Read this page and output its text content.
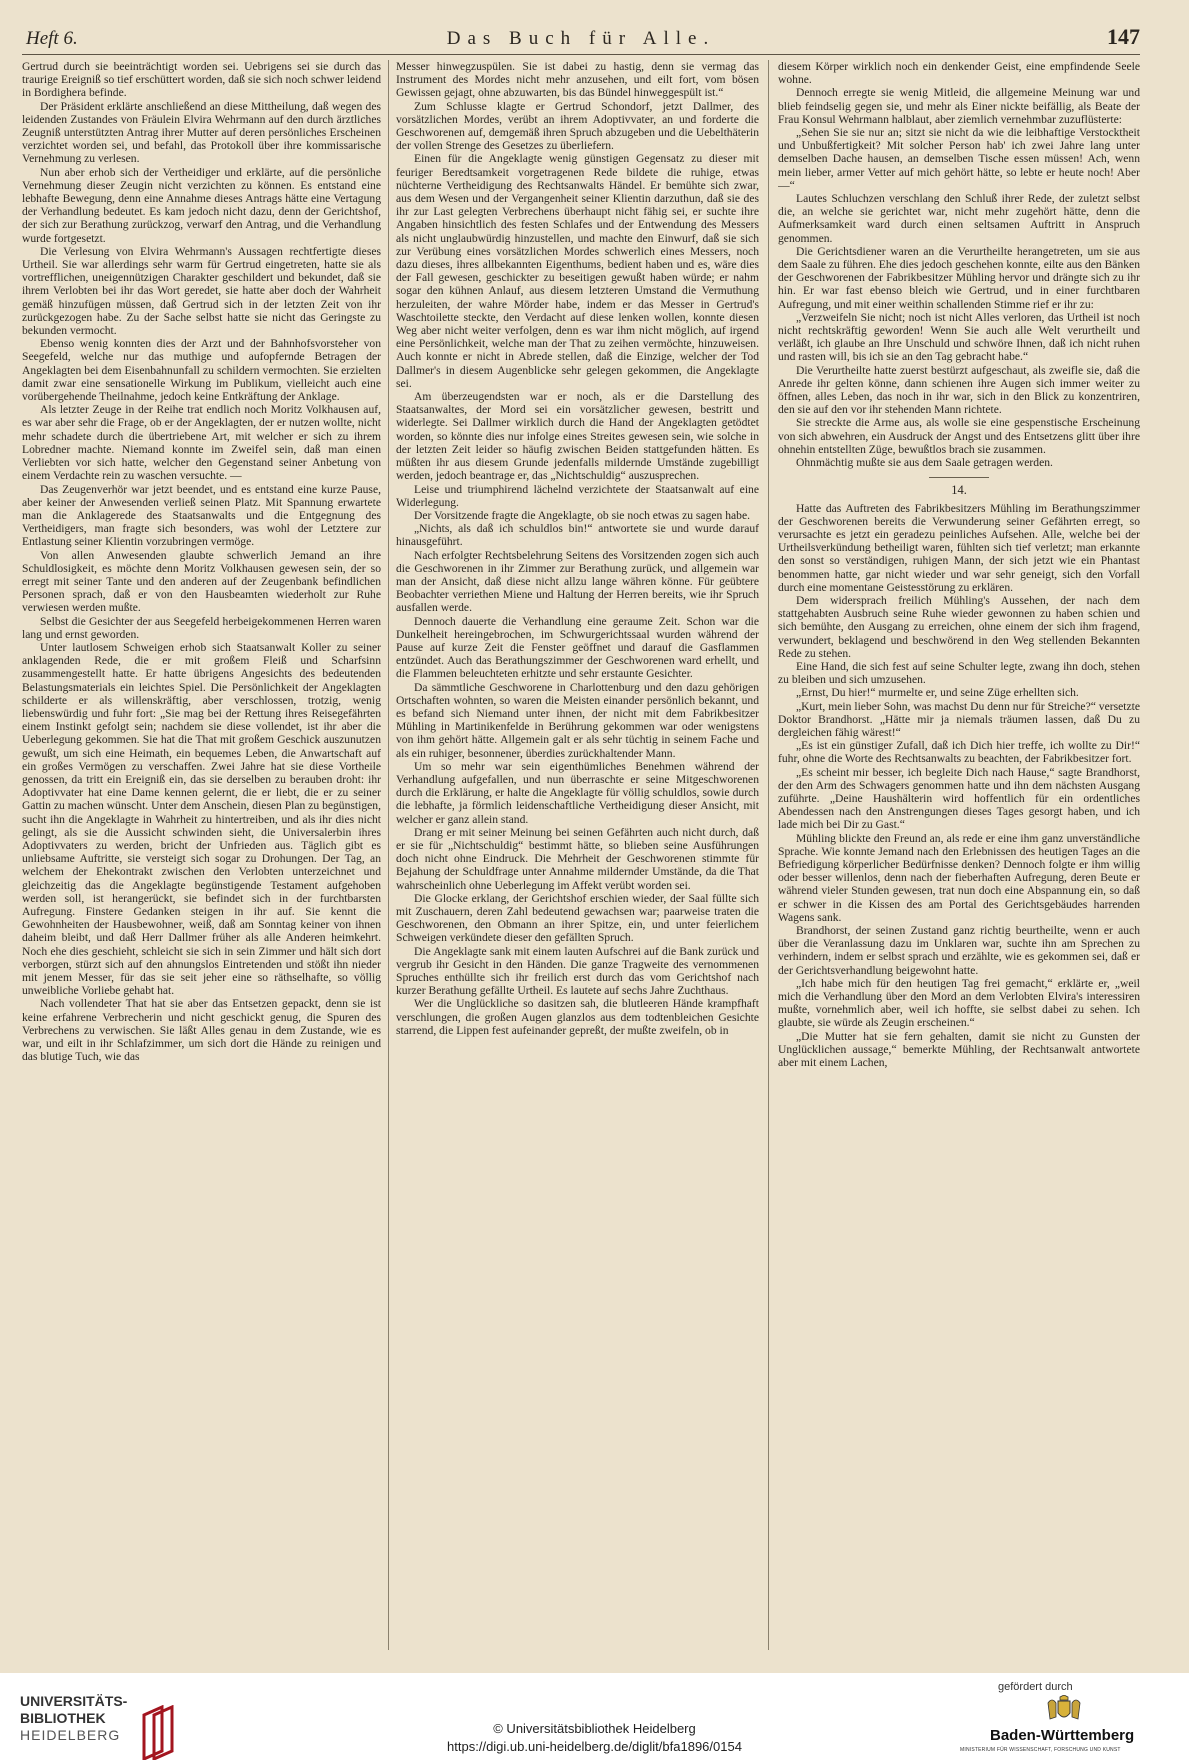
Heft 6.	Das Buch für Alle.	147

Gertrud durch sie beeinträchtigt worden sei. Uebrigens sei sie durch das traurige Ereigniß so tief erschüttert worden, daß sie sich noch schwer leidend in Bordighera befinde.

Der Präsident erklärte anschließend an diese Mittheilung, daß wegen des leidenden Zustandes von Fräulein Elvira Wehrmann auf den durch ärztliches Zeugniß unterstützten Antrag ihrer Mutter auf deren persönliches Erscheinen verzichtet worden sei, und befahl, das Protokoll über ihre kommissarische Vernehmung zu verlesen.

Nun aber erhob sich der Vertheidiger und erklärte, auf die persönliche Vernehmung dieser Zeugin nicht verzichten zu können. Es entstand eine lebhafte Bewegung, denn eine Annahme dieses Antrags hätte eine Vertagung der Verhandlung bedeutet. Es kam jedoch nicht dazu, denn der Gerichtshof, der sich zur Berathung zurückzog, verwarf den Antrag, und die Verhandlung wurde fortgesetzt.

Die Verlesung von Elvira Wehrmann's Aussagen rechtfertigte dieses Urtheil. Sie war allerdings sehr warm für Gertrud eingetreten, hatte sie als vortrefflichen, uneigennützigen Charakter geschildert und bekundet, daß sie ihrem Verlobten bei ihr das Wort geredet, sie hatte aber doch der Wahrheit gemäß hinzufügen müssen, daß Gertrud sich in der letzten Zeit von ihr zurückgezogen habe. Zu der Sache selbst hatte sie nicht das Geringste zu bekunden vermocht.

Ebenso wenig konnten dies der Arzt und der Bahnhofsvorsteher von Seegefeld, welche nur das muthige und aufopfernde Betragen der Angeklagten bei dem Eisenbahnunfall zu schildern vermochten. Sie erzielten damit zwar eine sensationelle Wirkung im Publikum, vielleicht auch eine vorübergehende Theilnahme, jedoch keine Entkräftung der Anklage.

Als letzter Zeuge in der Reihe trat endlich noch Moritz Volkhausen auf, es war aber sehr die Frage, ob er der Angeklagten, der er nutzen wollte, nicht mehr schadete durch die übertriebene Art, mit welcher er sich zu ihrem Lobredner machte. Niemand konnte im Zweifel sein, daß man einen Verliebten vor sich hatte, welcher den Gegenstand seiner Anbetung von einem Verdachte rein zu waschen versuchte. —

Das Zeugenverhör war jetzt beendet, und es entstand eine kurze Pause, aber keiner der Anwesenden verließ seinen Platz. Mit Spannung erwartete man die Anklagerede des Staatsanwalts und die Entgegnung des Vertheidigers, man fragte sich besonders, was wohl der Letztere zur Entlastung seiner Klientin vorzubringen vermöge.

Von allen Anwesenden glaubte schwerlich Jemand an ihre Schuldlosigkeit, es möchte denn Moritz Volkhausen gewesen sein, der so erregt mit seiner Tante und den anderen auf der Zeugenbank befindlichen Personen sprach, daß er von den Hausbeamten wiederholt zur Ruhe verwiesen werden mußte.

Selbst die Gesichter der aus Seegefeld herbeigekommenen Herren waren lang und ernst geworden.

Unter lautlosem Schweigen erhob sich Staatsanwalt Koller zu seiner anklagenden Rede, die er mit großem Fleiß und Scharfsinn zusammengestellt hatte. Er hatte übrigens Angesichts des bedeutenden Belastungsmaterials ein leichtes Spiel. Die Persönlichkeit der Angeklagten schilderte er als willenskräftig, aber verschlossen, trotzig, wenig liebenswürdig und fuhr fort: „Sie mag bei der Rettung ihres Reisegefährten einem Instinkt gefolgt sein; nachdem sie diese vollendet, ist ihr aber die Ueberlegung gekommen. Sie hat die That mit großem Geschick auszunutzen gewußt, um sich eine Heimath, ein bequemes Leben, die Anwartschaft auf ein großes Vermögen zu verschaffen. Zwei Jahre hat sie diese Vortheile genossen, da tritt ein Ereigniß ein, das sie derselben zu berauben droht: ihr Adoptivvater hat eine Dame kennen gelernt, die er liebt, die er zu seiner Gattin zu machen wünscht. Unter dem Anschein, diesen Plan zu begünstigen, sucht ihn die Angeklagte in Wahrheit zu hintertreiben, und als ihr dies nicht gelingt, als sie die Aussicht schwinden sieht, die Universalerbin ihres Adoptivvaters zu werden, bricht der Unfrieden aus. Täglich gibt es unliebsame Auftritte, sie versteigt sich sogar zu Drohungen. Der Tag, an welchem der Ehekontrakt zwischen den Verlobten unterzeichnet und gleichzeitig das die Angeklagte begünstigende Testament aufgehoben werden soll, ist herangerückt, sie befindet sich in der furchtbarsten Aufregung. Finstere Gedanken steigen in ihr auf. Sie kennt die Gewohnheiten der Hausbewohner, weiß, daß am Sonntag keiner von ihnen daheim bleibt, und daß Herr Dallmer früher als alle Anderen heimkehrt. Noch ehe dies geschieht, schleicht sie sich in sein Zimmer und hält sich dort verborgen, stürzt sich auf den ahnungslos Eintretenden und stößt ihn nieder mit jenem Messer, für das sie seit jeher eine so räthselhafte, so völlig unweibliche Vorliebe gehabt hat.

Nach vollendeter That hat sie aber das Entsetzen gepackt, denn sie ist keine erfahrene Verbrecherin und nicht geschickt genug, die Spuren des Verbrechens zu verwischen. Sie läßt Alles genau in dem Zustande, wie es war, und eilt in ihr Schlafzimmer, um sich dort die Hände zu reinigen und das blutige Tuch, wie das

Messer hinwegzuspülen. Sie ist dabei zu hastig, denn sie vermag das Instrument des Mordes nicht mehr anzusehen, und eilt fort, vom bösen Gewissen gejagt, ohne abzuwarten, bis das Bündel hinweggespült ist.“

Zum Schlusse klagte er Gertrud Schondorf, jetzt Dallmer, des vorsätzlichen Mordes, verübt an ihrem Adoptivvater, an und forderte die Geschworenen auf, demgemäß ihren Spruch abzugeben und die Uebelthäterin der vollen Strenge des Gesetzes zu überliefern.

Einen für die Angeklagte wenig günstigen Gegensatz zu dieser mit feuriger Beredtsamkeit vorgetragenen Rede bildete die ruhige, etwas nüchterne Vertheidigung des Rechtsanwalts Händel. Er bemühte sich zwar, aus dem Wesen und der Vergangenheit seiner Klientin darzuthun, daß sie des ihr zur Last gelegten Verbrechens überhaupt nicht fähig sei, er suchte ihre Angaben hinsichtlich des festen Schlafes und der Entwendung des Messers als nicht unglaubwürdig hinzustellen, und machte den Einwurf, daß sie sich zur Verübung eines vorsätzlichen Mordes schwerlich eines Messers, noch dazu dieses, ihres allbekannten Eigenthums, bedient haben und es, wäre dies der Fall gewesen, geschickter zu beseitigen gewußt haben würde; er nahm sogar den kühnen Anlauf, aus diesem letzteren Umstand die Vermuthung herzuleiten, der wahre Mörder habe, indem er das Messer in Gertrud's Waschtoilette steckte, den Verdacht auf diese lenken wollen, konnte diesen Weg aber nicht weiter verfolgen, denn es war ihm nicht möglich, auf irgend eine Persönlichkeit, welche man der That zu zeihen vermöchte, hinzuweisen. Auch konnte er nicht in Abrede stellen, daß die Einzige, welcher der Tod Dallmer's in diesem Augenblicke sehr gelegen gekommen, die Angeklagte sei.

Am überzeugendsten war er noch, als er die Darstellung des Staatsanwaltes, der Mord sei ein vorsätzlicher gewesen, bestritt und widerlegte. Sei Dallmer wirklich durch die Hand der Angeklagten getödtet worden, so könnte dies nur infolge eines Streites gewesen sein, wie solche in der letzten Zeit leider so häufig zwischen Beiden stattgefunden hätten. Es müßten ihr aus diesem Grunde jedenfalls mildernde Umstände zugebilligt werden, jedoch beantrage er, das „Nichtschuldig“ auszusprechen.

Leise und triumphirend lächelnd verzichtete der Staatsanwalt auf eine Widerlegung.

Der Vorsitzende fragte die Angeklagte, ob sie noch etwas zu sagen habe.

„Nichts, als daß ich schuldlos bin!“ antwortete sie und wurde darauf hinausgeführt.

Nach erfolgter Rechtsbelehrung Seitens des Vorsitzenden zogen sich auch die Geschworenen in ihr Zimmer zur Berathung zurück, und allgemein war man der Ansicht, daß diese nicht allzu lange währen könne. Für geübtere Beobachter verriethen Miene und Haltung der Herren bereits, wie ihr Spruch ausfallen werde.

Dennoch dauerte die Verhandlung eine geraume Zeit. Schon war die Dunkelheit hereingebrochen, im Schwurgerichtssaal wurden während der Pause auf kurze Zeit die Fenster geöffnet und darauf die Gasflammen entzündet. Auch das Berathungszimmer der Geschworenen ward erhellt, und die Flammen beleuchteten erhitzte und sehr erstaunte Gesichter.

Da sämmtliche Geschworene in Charlottenburg und den dazu gehörigen Ortschaften wohnten, so waren die Meisten einander persönlich bekannt, und es befand sich Niemand unter ihnen, der nicht mit dem Fabrikbesitzer Mühling in Martinikenfelde in Berührung gekommen war oder wenigstens von ihm gehört hätte. Allgemein galt er als sehr tüchtig in seinem Fache und als ein ruhiger, besonnener, überdies zurückhaltender Mann.

Um so mehr war sein eigenthümliches Benehmen während der Verhandlung aufgefallen, und nun überraschte er seine Mitgeschworenen durch die Erklärung, er halte die Angeklagte für völlig schuldlos, sowie durch die lebhafte, ja förmlich leidenschaftliche Vertheidigung dieser Ansicht, mit welcher er ganz allein stand.

Drang er mit seiner Meinung bei seinen Gefährten auch nicht durch, daß er sie für „Nichtschuldig“ bestimmt hätte, so blieben seine Ausführungen doch nicht ohne Eindruck. Die Mehrheit der Geschworenen stimmte für Bejahung der Schuldfrage unter Annahme mildernder Umstände, da die That wahrscheinlich ohne Ueberlegung im Affekt verübt worden sei.

Die Glocke erklang, der Gerichtshof erschien wieder, der Saal füllte sich mit Zuschauern, deren Zahl bedeutend gewachsen war; paarweise traten die Geschworenen, den Obmann an ihrer Spitze, ein, und unter feierlichem Schweigen verkündete dieser den gefällten Spruch.

Die Angeklagte sank mit einem lauten Aufschrei auf die Bank zurück und vergrub ihr Gesicht in den Händen. Die ganze Tragweite des vernommenen Spruches enthüllte sich ihr freilich erst durch das vom Gerichtshof nach kurzer Berathung gefällte Urtheil. Es lautete auf sechs Jahre Zuchthaus.

Wer die Unglückliche so dasitzen sah, die blutleeren Hände krampfhaft verschlungen, die großen Augen glanzlos aus dem todtenbleichen Gesichte starrend, die Lippen fest aufeinander gepreßt, der mußte zweifeln, ob in

diesem Körper wirklich noch ein denkender Geist, eine empfindende Seele wohne.

Dennoch erregte sie wenig Mitleid, die allgemeine Meinung war und blieb feindselig gegen sie, und mehr als Einer nickte beifällig, als Beate der Frau Konsul Wehrmann halblaut, aber ziemlich vernehmbar zuzuflüsterte:

„Sehen Sie sie nur an; sitzt sie nicht da wie die leibhaftige Verstocktheit und Unbußfertigkeit? Mit solcher Person hab' ich zwei Jahre lang unter demselben Dache hausen, an demselben Tische essen müssen! Ach, wenn mein lieber, armer Vetter auf mich gehört hätte, so lebte er heute noch! Aber —“

Lautes Schluchzen verschlang den Schluß ihrer Rede, der zuletzt selbst die, an welche sie gerichtet war, nicht mehr zugehört hätte, denn die Aufmerksamkeit ward durch einen seltsamen Auftritt in Anspruch genommen.

Die Gerichtsdiener waren an die Verurtheilte herangetreten, um sie aus dem Saale zu führen. Ehe dies jedoch geschehen konnte, eilte aus den Bänken der Geschworenen der Fabrikbesitzer Mühling hervor und drängte sich zu ihr hin. Er war fast ebenso bleich wie Gertrud, und in einer furchtbaren Aufregung, und mit einer weithin schallenden Stimme rief er ihr zu:

„Verzweifeln Sie nicht; noch ist nicht Alles verloren, das Urtheil ist noch nicht rechtskräftig geworden! Wenn Sie auch alle Welt verurtheilt und verläßt, ich glaube an Ihre Unschuld und schwöre Ihnen, daß ich nicht ruhen und rasten will, bis ich sie an den Tag gebracht habe.“

Die Verurtheilte hatte zuerst bestürzt aufgeschaut, als zweifle sie, daß die Anrede ihr gelten könne, dann schienen ihre Augen sich immer weiter zu öffnen, alles Leben, das noch in ihr war, sich in den Blick zu konzentriren, den sie auf den vor ihr stehenden Mann richtete.

Sie streckte die Arme aus, als wolle sie eine gespenstische Erscheinung von sich abwehren, ein Ausdruck der Angst und des Entsetzens glitt über ihre ohnehin entstellten Züge, bewußtlos brach sie zusammen.

Ohnmächtig mußte sie aus dem Saale getragen werden.

14.

Hatte das Auftreten des Fabrikbesitzers Mühling im Berathungszimmer der Geschworenen bereits die Verwunderung seiner Gefährten erregt, so verursachte es jetzt ein geradezu peinliches Aufsehen. Alle, welche bei der Urtheilsverkündung betheiligt waren, fühlten sich tief verletzt; man erkannte den sonst so verständigen, ruhigen Mann, der sich jetzt wie ein Phantast benommen hatte, gar nicht wieder und war sehr geneigt, sich den Vorfall durch eine momentane Geistesstörung zu erklären.

Dem widersprach freilich Mühling's Aussehen, der nach dem stattgehabten Ausbruch seine Ruhe wieder gewonnen zu haben schien und sich bemühte, den Ausgang zu erreichen, ohne einem der sich ihm fragend, verwundert, beklagend und beschwörend in den Weg stellenden Bekannten Rede zu stehen.

Eine Hand, die sich fest auf seine Schulter legte, zwang ihn doch, stehen zu bleiben und sich umzusehen.

„Ernst, Du hier!“ murmelte er, und seine Züge erhellten sich.

„Kurt, mein lieber Sohn, was machst Du denn nur für Streiche?“ versetzte Doktor Brandhorst. „Hätte mir ja niemals träumen lassen, daß Du zu dergleichen fähig wärest!“

„Es ist ein günstiger Zufall, daß ich Dich hier treffe, ich wollte zu Dir!“ fuhr, ohne die Worte des Rechtsanwalts zu beachten, der Fabrikbesitzer fort.

„Es scheint mir besser, ich begleite Dich nach Hause,“ sagte Brandhorst, der den Arm des Schwagers genommen hatte und ihn dem nächsten Ausgang zuführte. „Deine Haushälterin wird hoffentlich für ein ordentliches Abendessen nach den Anstrengungen dieses Tages gesorgt haben, und ich lade mich bei Dir zu Gast.“

Mühling blickte den Freund an, als rede er eine ihm ganz unverständliche Sprache. Wie konnte Jemand nach den Erlebnissen des heutigen Tages an die Befriedigung körperlicher Bedürfnisse denken? Dennoch folgte er ihm willig oder besser willenlos, denn nach der fieberhaften Aufregung, deren Beute er während vieler Stunden gewesen, trat nun doch eine Abspannung ein, so daß er schwer in die Kissen des am Portal des Gerichtsgebäudes harrenden Wagens sank.

Brandhorst, der seinen Zustand ganz richtig beurtheilte, wenn er auch über die Veranlassung dazu im Unklaren war, suchte ihn am Sprechen zu verhindern, indem er selbst sprach und erzählte, wie es gekommen sei, daß er der Gerichtsverhandlung beigewohnt hatte.

„Ich habe mich für den heutigen Tag frei gemacht,“ erklärte er, „weil mich die Verhandlung über den Mord an dem Verlobten Elvira's interessiren mußte, vornehmlich aber, weil ich hoffte, sie selbst dabei zu sehen. Ich glaubte, sie würde als Zeugin erscheinen.“

„Die Mutter hat sie fern gehalten, damit sie nicht zu Gunsten der Unglücklichen aussage,“ bemerkte Mühling, der Rechtsanwalt antwortete aber mit einem Lachen,

UNIVERSITÄTS-
BIBLIOTHEK
HEIDELBERG	© Universitätsbibliothek Heidelberg
https://digi.ub.uni-heidelberg.de/diglit/bfa1896/0154
gefördert durch
Baden-Württemberg
MINISTERIUM FÜR WISSENSCHAFT, FORSCHUNG UND KUNST
